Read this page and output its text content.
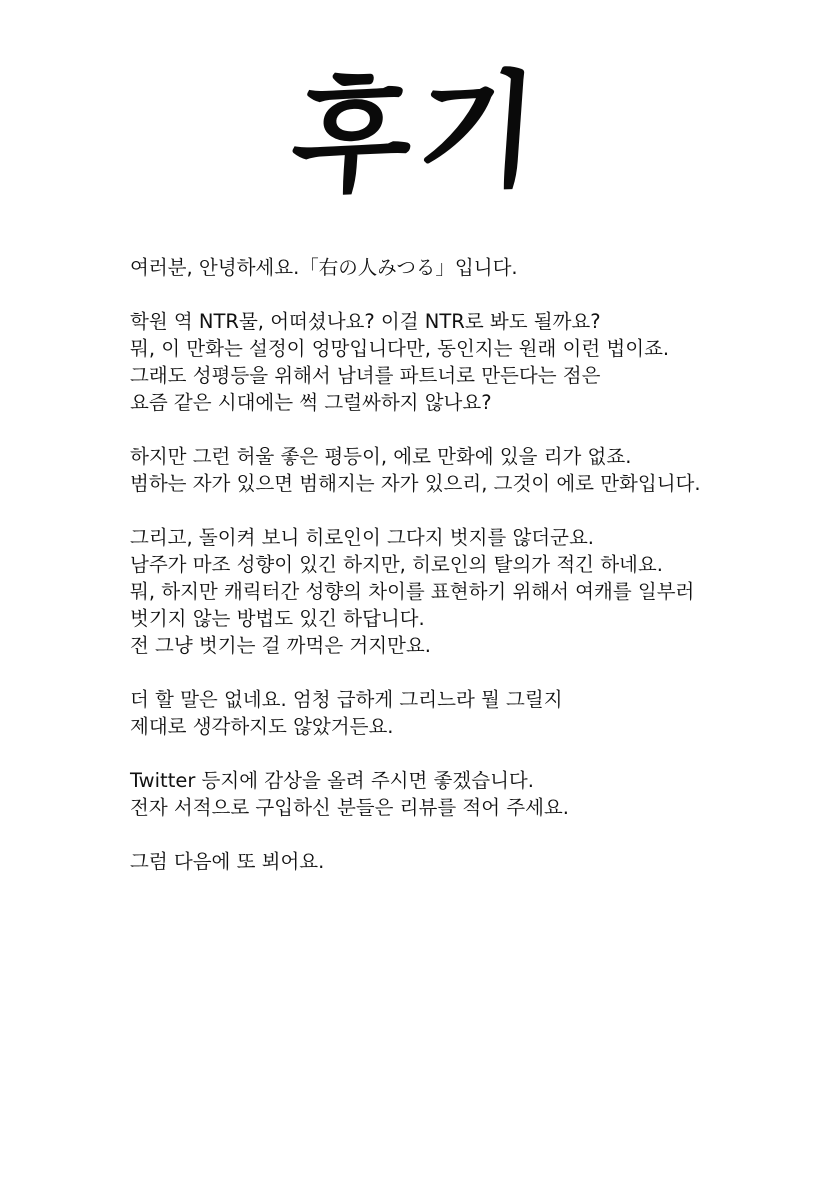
후기

여러분, 안녕하세요.「右の人みつる」입니다.

학원 역 NTR물, 어떠셨나요? 이걸 NTR로 봐도 될까요?
뭐, 이 만화는 설정이 엉망입니다만, 동인지는 원래 이런 법이죠.
그래도 성평등을 위해서 남녀를 파트너로 만든다는 점은
요즘 같은 시대에는 썩 그럴싸하지 않나요?

하지만 그런 허울 좋은 평등이, 에로 만화에 있을 리가 없죠.
범하는 자가 있으면 범해지는 자가 있으리, 그것이 에로 만화입니다.

그리고, 돌이켜 보니 히로인이 그다지 벗지를 않더군요.
남주가 마조 성향이 있긴 하지만, 히로인의 탈의가 적긴 하네요.
뭐, 하지만 캐릭터간 성향의 차이를 표현하기 위해서 여캐를 일부러
벗기지 않는 방법도 있긴 하답니다.
전 그냥 벗기는 걸 까먹은 거지만요.

더 할 말은 없네요. 엄청 급하게 그리느라 뭘 그릴지
제대로 생각하지도 않았거든요.

Twitter 등지에 감상을 올려 주시면 좋겠습니다.
전자 서적으로 구입하신 분들은 리뷰를 적어 주세요.

그럼 다음에 또 뵈어요.
